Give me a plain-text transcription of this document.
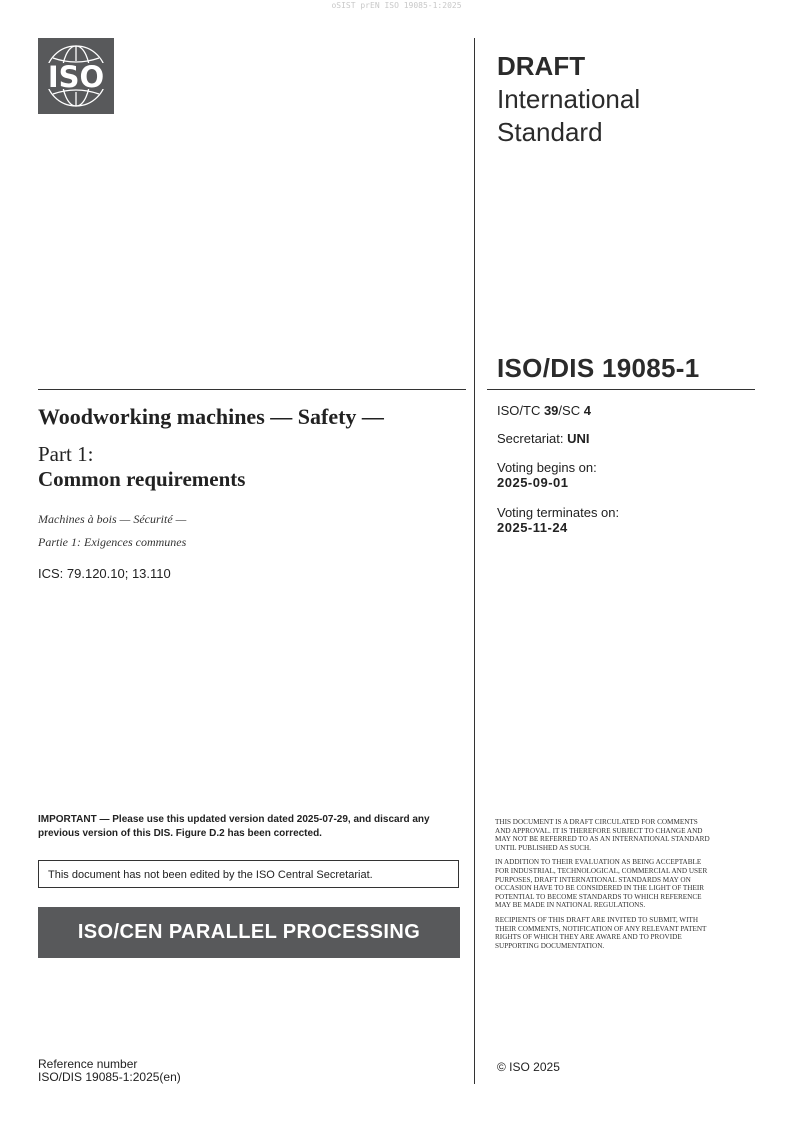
oSIST prEN ISO 19085-1:2025
ISO	DRAFT
International
Standard
ISO/DIS 19085-1
Woodworking machines — Safety —
Part 1:
Common requirements
Machines à bois — Sécurité —
Partie 1: Exigences communes
ICS: 79.120.10; 13.110
ISO/TC 39/SC 4
Secretariat: UNI
Voting begins on:
2025-09-01
Voting terminates on:
2025-11-24
IMPORTANT — Please use this updated version dated 2025-07-29, and discard any previous version of this DIS. Figure D.2 has been corrected.
This document has not been edited by the ISO Central Secretariat.
ISO/CEN PARALLEL PROCESSING

THIS DOCUMENT IS A DRAFT CIRCULATED FOR COMMENTS AND APPROVAL. IT IS THEREFORE SUBJECT TO CHANGE AND MAY NOT BE REFERRED TO AS AN INTERNATIONAL STANDARD UNTIL PUBLISHED AS SUCH.

IN ADDITION TO THEIR EVALUATION AS BEING ACCEPTABLE FOR INDUSTRIAL, TECHNOLOGICAL, COMMERCIAL AND USER PURPOSES, DRAFT INTERNATIONAL STANDARDS MAY ON OCCASION HAVE TO BE CONSIDERED IN THE LIGHT OF THEIR POTENTIAL TO BECOME STANDARDS TO WHICH REFERENCE MAY BE MADE IN NATIONAL REGULATIONS.

RECIPIENTS OF THIS DRAFT ARE INVITED TO SUBMIT, WITH THEIR COMMENTS, NOTIFICATION OF ANY RELEVANT PATENT RIGHTS OF WHICH THEY ARE AWARE AND TO PROVIDE SUPPORTING DOCUMENTATION.

© ISO 2025
Reference number
ISO/DIS 19085-1:2025(en)
